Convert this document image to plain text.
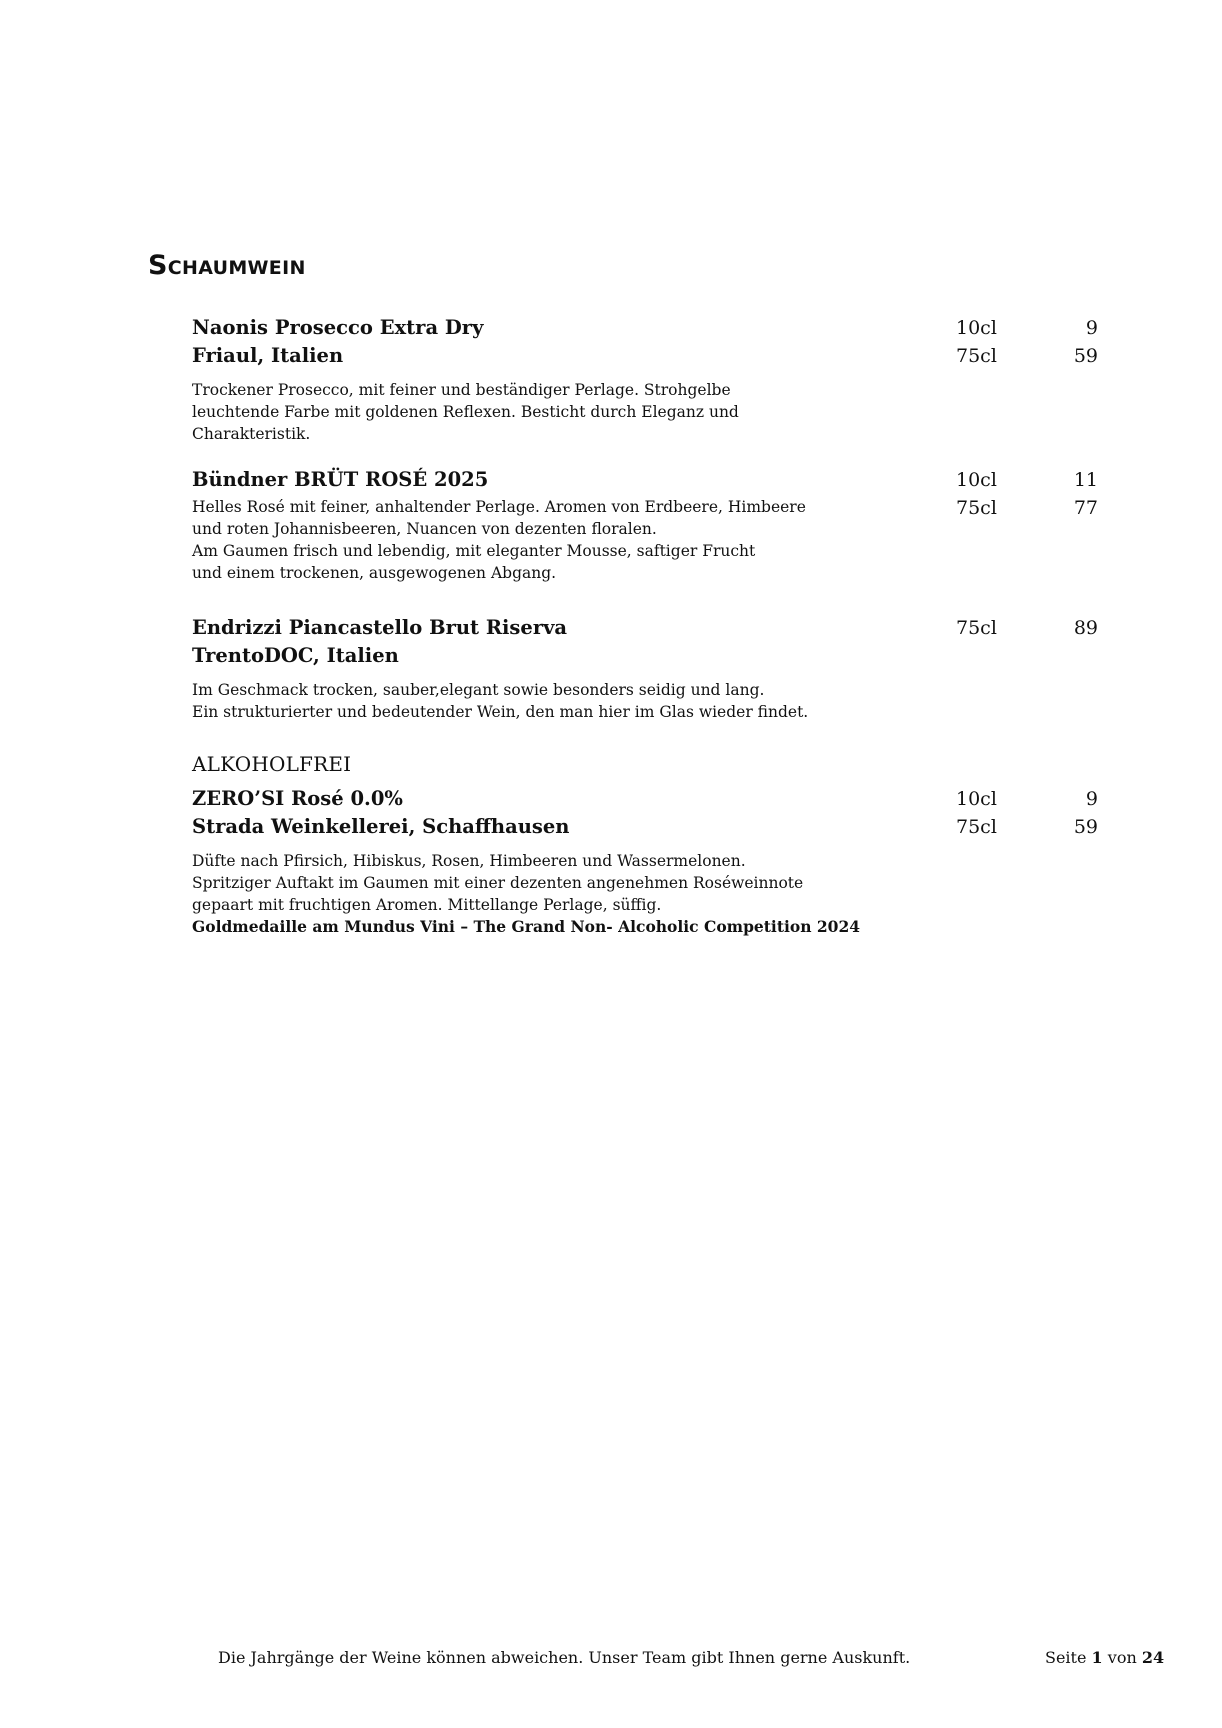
Schaumwein
Naonis Prosecco Extra Dry	10cl	9
Friaul, Italien	75cl	59
Trockener Prosecco, mit feiner und beständiger Perlage. Strohgelbe
leuchtende Farbe mit goldenen Reflexen. Besticht durch Eleganz und
Charakteristik.
Bündner BRÜT ROSÉ 2025	10cl	11
Helles Rosé mit feiner, anhaltender Perlage. Aromen von Erdbeere, Himbeere	75cl	77
und roten Johannisbeeren, Nuancen von dezenten floralen.
Am Gaumen frisch und lebendig, mit eleganter Mousse, saftiger Frucht
und einem trockenen, ausgewogenen Abgang.
Endrizzi Piancastello Brut Riserva	75cl	89
TrentoDOC, Italien
Im Geschmack trocken, sauber,elegant sowie besonders seidig und lang.
Ein strukturierter und bedeutender Wein, den man hier im Glas wieder findet.
ALKOHOLFREI
ZERO’SI Rosé 0.0%	10cl	9
Strada Weinkellerei, Schaffhausen	75cl	59
Düfte nach Pfirsich, Hibiskus, Rosen, Himbeeren und Wassermelonen.
Spritziger Auftakt im Gaumen mit einer dezenten angenehmen Roséweinnote
gepaart mit fruchtigen Aromen. Mittellange Perlage, süffig.
Goldmedaille am Mundus Vini – The Grand Non- Alcoholic Competition 2024
Die Jahrgänge der Weine können abweichen. Unser Team gibt Ihnen gerne Auskunft.	Seite 1 von 24
